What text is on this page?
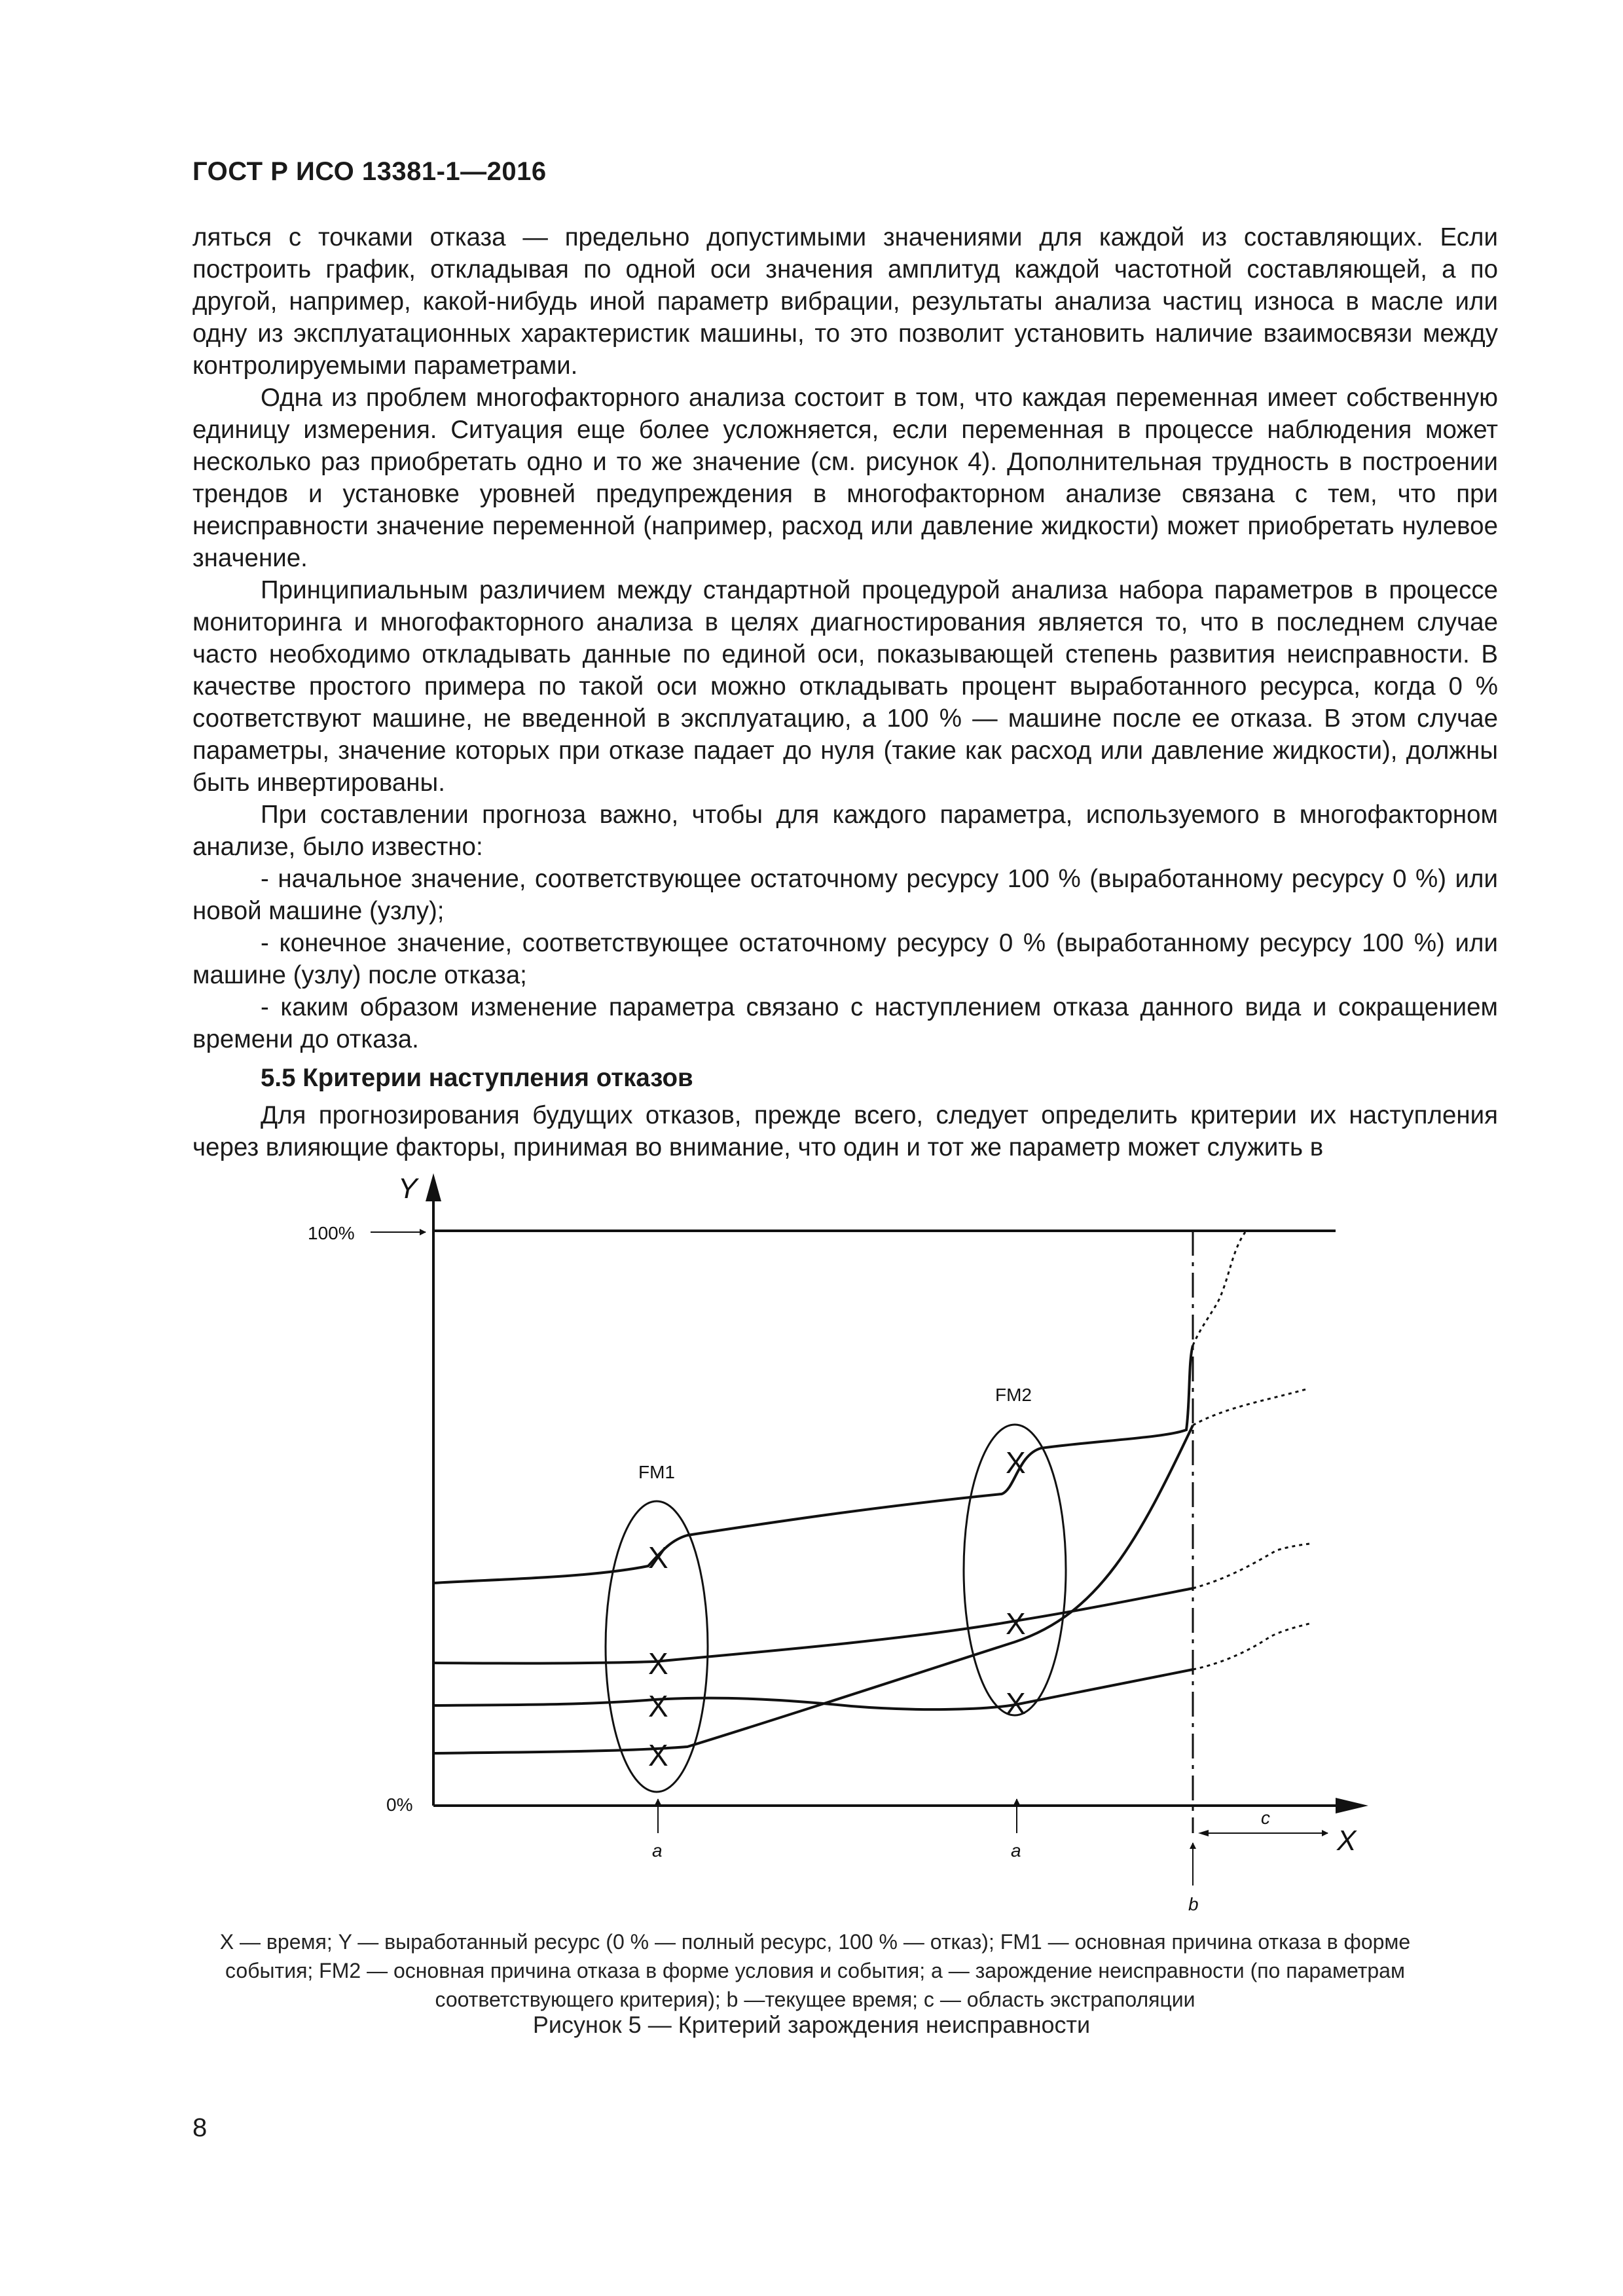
ГОСТ Р ИСО 13381-1—2016

ляться с точками отказа — предельно допустимыми значениями для каждой из составляющих. Если построить график, откладывая по одной оси значения амплитуд каждой частотной составляющей, а по другой, например, какой-нибудь иной параметр вибрации, результаты анализа частиц износа в масле или одну из эксплуатационных характеристик машины, то это позволит установить наличие взаимосвязи между контролируемыми параметрами.

Одна из проблем многофакторного анализа состоит в том, что каждая переменная имеет собственную единицу измерения. Ситуация еще более усложняется, если переменная в процессе наблюдения может несколько раз приобретать одно и то же значение (см. рисунок 4). Дополнительная трудность в построении трендов и установке уровней предупреждения в многофакторном анализе связана с тем, что при неисправности значение переменной (например, расход или давление жидкости) может приобретать нулевое значение.

Принципиальным различием между стандартной процедурой анализа набора параметров в процессе мониторинга и многофакторного анализа в целях диагностирования является то, что в последнем случае часто необходимо откладывать данные по единой оси, показывающей степень развития неисправности. В качестве простого примера по такой оси можно откладывать процент выработанного ресурса, когда 0 % соответствуют машине, не введенной в эксплуатацию, а 100 % — машине после ее отказа. В этом случае параметры, значение которых при отказе падает до нуля (такие как расход или давление жидкости), должны быть инвертированы.

При составлении прогноза важно, чтобы для каждого параметра, используемого в многофакторном анализе, было известно:

- начальное значение, соответствующее остаточному ресурсу 100 % (выработанному ресурсу 0 %) или новой машине (узлу);

- конечное значение, соответствующее остаточному ресурсу 0 % (выработанному ресурсу 100 %) или машине (узлу) после отказа;

- каким образом изменение параметра связано с наступлением отказа данного вида и сокращением времени до отказа.

5.5 Критерии наступления отказов

Для прогнозирования будущих отказов, прежде всего, следует определить критерии их наступления через влияющие факторы, принимая во внимание, что один и тот же параметр может служить в

Y
X
100%
0%
FM1
FM2
X
X
X
X
X
X
X
a	a
b
c
X — время; Y — выработанный ресурс (0 % — полный ресурс, 100 % — отказ); FM1 — основная причина отказа в форме события; FM2 — основная причина отказа в форме условия и события; a — зарождение неисправности (по параметрам соответствующего критерия); b —текущее время; c — область экстраполяции
Рисунок 5 — Критерий зарождения неисправности
8
